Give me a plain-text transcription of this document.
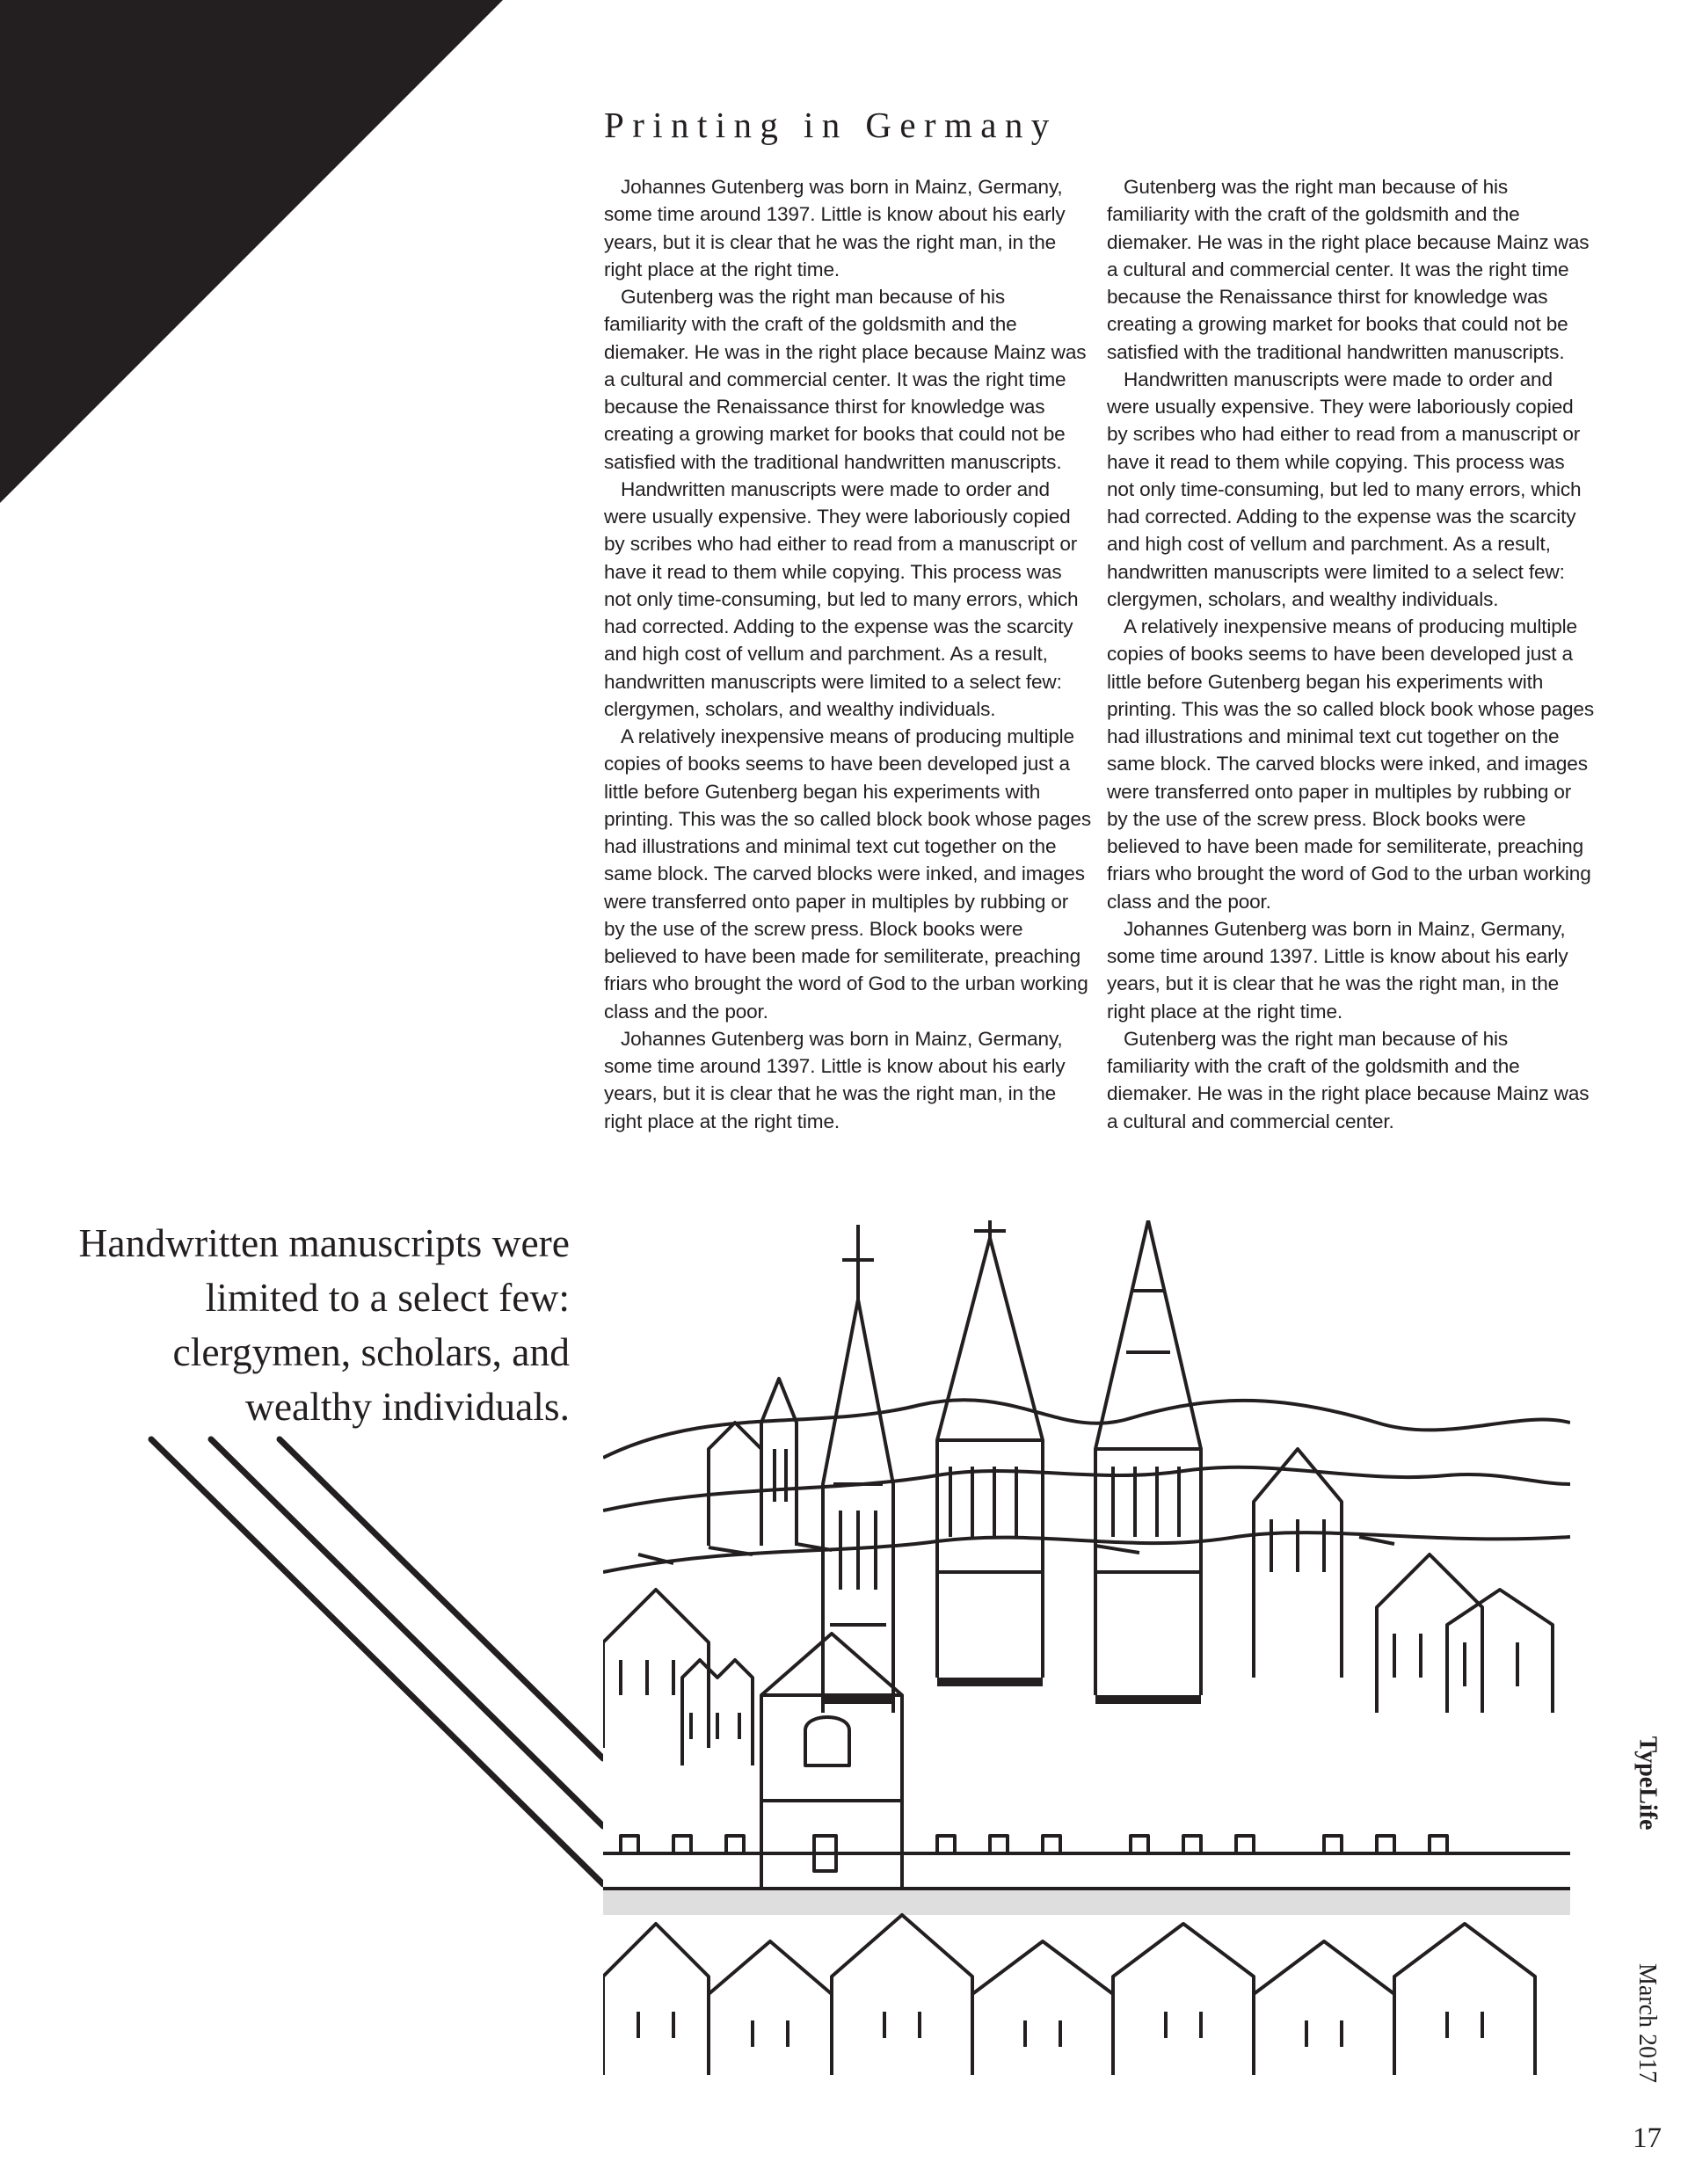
Printing in Germany

Johannes Gutenberg was born in Mainz, Germany, some time around 1397. Little is know about his early years, but it is clear that he was the right man, in the right place at the right time.

Gutenberg was the right man because of his familiarity with the craft of the goldsmith and the diemaker. He was in the right place because Mainz was a cultural and commercial center. It was the right time because the Renaissance thirst for knowledge was creating a growing market for books that could not be satisfied with the traditional handwritten manuscripts.

Handwritten manuscripts were made to order and were usually expensive. They were laboriously copied by scribes who had either to read from a manuscript or have it read to them while copying. This process was not only time-consuming, but led to many errors, which had corrected. Adding to the expense was the scarcity and high cost of vellum and parchment. As a result, handwritten manuscripts were limited to a select few: clergymen, scholars, and wealthy individuals.

A relatively inexpensive means of producing multiple copies of books seems to have been developed just a little before Gutenberg began his experiments with printing. This was the so called block book whose pages had illustrations and minimal text cut together on the same block. The carved blocks were inked, and images were transferred onto paper in multiples by rubbing or by the use of the screw press. Block books were believed to have been made for semiliterate, preaching friars who brought the word of God to the urban working class and the poor.

Johannes Gutenberg was born in Mainz, Germany, some time around 1397. Little is know about his early years, but it is clear that he was the right man, in the right place at the right time.

Gutenberg was the right man because of his familiarity with the craft of the goldsmith and the diemaker. He was in the right place because Mainz was a cultural and commercial center. It was the right time because the Renaissance thirst for knowledge was creating a growing market for books that could not be satisfied with the traditional handwritten manuscripts.

Handwritten manuscripts were made to order and were usually expensive. They were laboriously copied by scribes who had either to read from a manuscript or have it read to them while copying. This process was not only time-consuming, but led to many errors, which had corrected. Adding to the expense was the scarcity and high cost of vellum and parchment. As a result, handwritten manuscripts were limited to a select few: clergymen, scholars, and wealthy individuals.

A relatively inexpensive means of producing multiple copies of books seems to have been developed just a little before Gutenberg began his experiments with printing. This was the so called block book whose pages had illustrations and minimal text cut together on the same block. The carved blocks were inked, and images were transferred onto paper in multiples by rubbing or by the use of the screw press. Block books were believed to have been made for semiliterate, preaching friars who brought the word of God to the urban working class and the poor.

Johannes Gutenberg was born in Mainz, Germany, some time around 1397. Little is know about his early years, but it is clear that he was the right man, in the right place at the right time.

Gutenberg was the right man because of his familiarity with the craft of the goldsmith and the diemaker. He was in the right place because Mainz was a cultural and commercial center.

Handwritten manuscripts were limited to a select few: clergymen, scholars, and wealthy individuals.

TypeLife
March 2017
17
